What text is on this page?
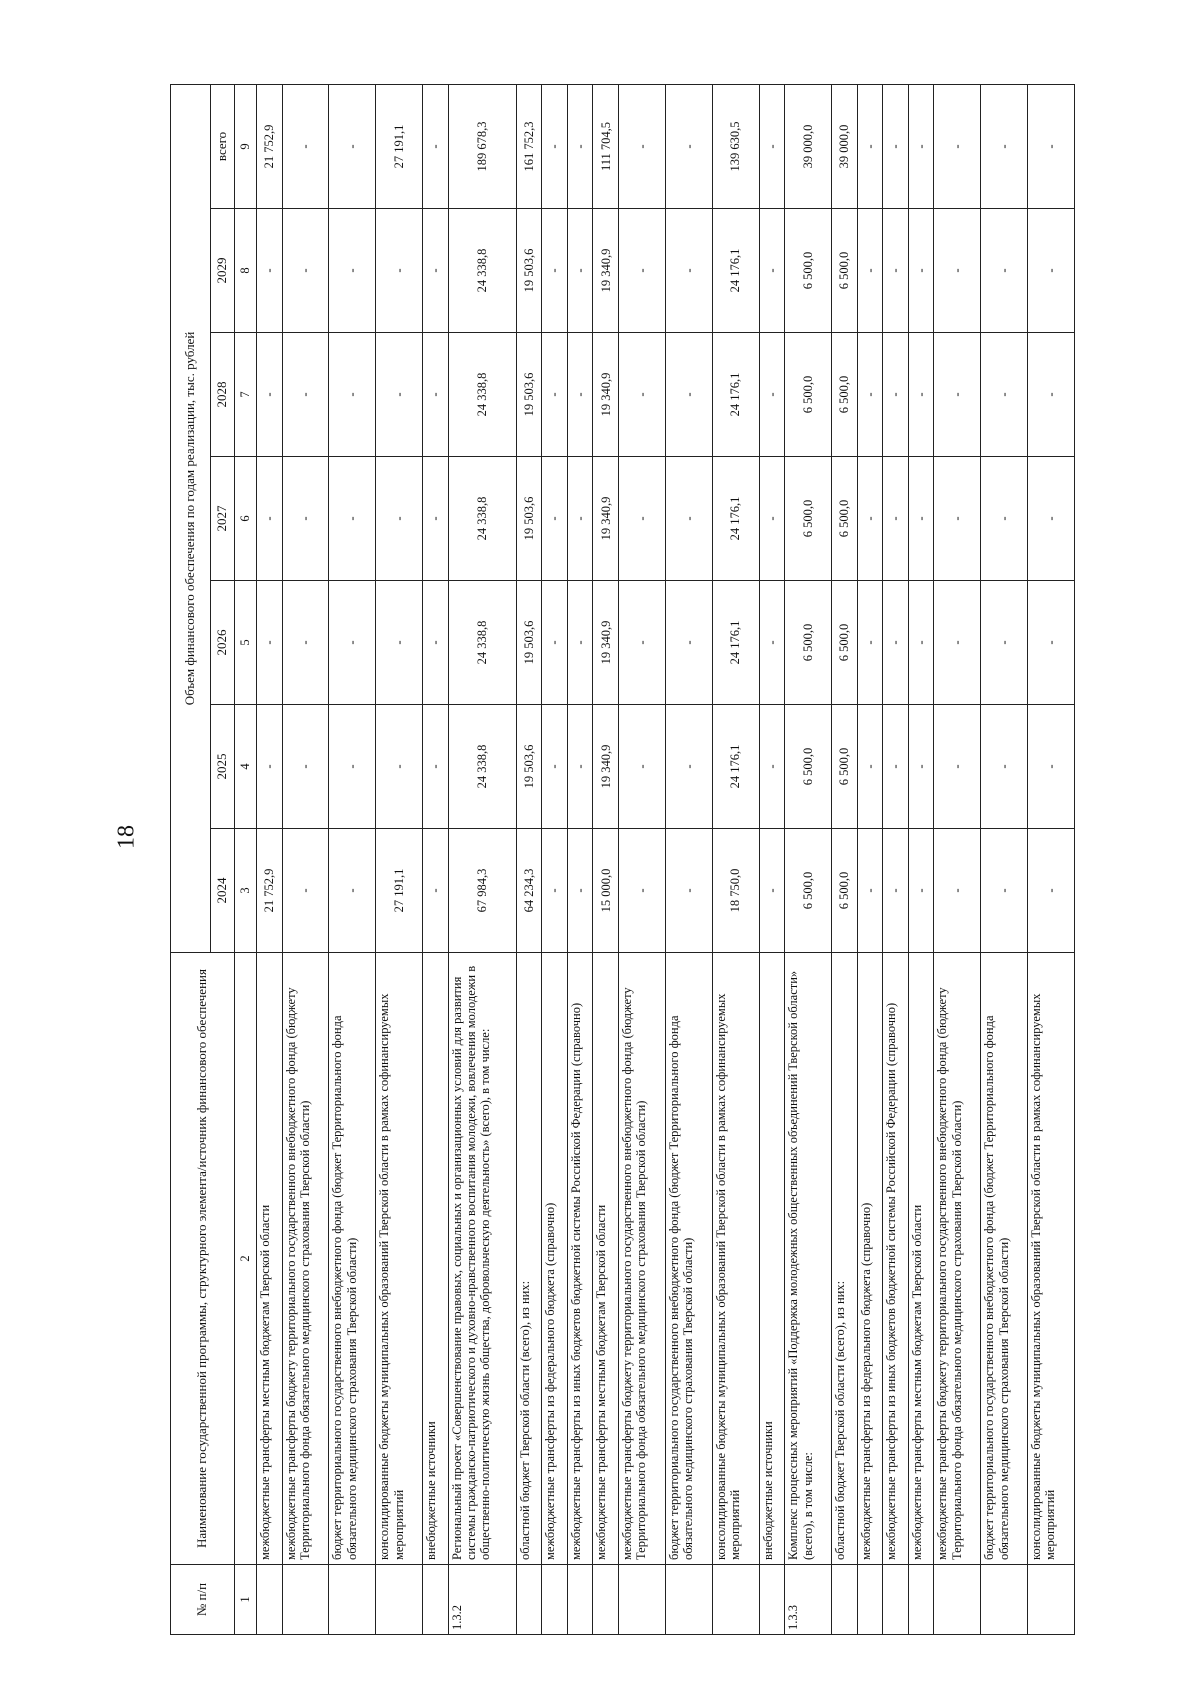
18
№ п/п	Наименование государственной программы, структурного элемента/источник финансового обеспечения	Объем финансового обеспечения по годам реализации, тыс. рублей						
		2024	2025	2026	2027	2028	2029	всего
1	2	3	4	5	6	7	8	9
	межбюджетные трансферты местным бюджетам Тверской области	21 752,9	-	-	-	-	-	21 752,9
	межбюджетные трансферты бюджету территориального государственного внебюджетного фонда (бюджету Территориального фонда обязательного медицинского страхования Тверской области)	-	-	-	-	-	-	-
	бюджет территориального государственного внебюджетного фонда (бюджет Территориального фонда обязательного медицинского страхования Тверской области)	-	-	-	-	-	-	-
	консолидированные бюджеты муниципальных образований Тверской области в рамках софинансируемых мероприятий	27 191,1	-	-	-	-	-	27 191,1
	внебюджетные источники	-	-	-	-	-	-	-
1.3.2	Региональный проект «Совершенствование правовых, социальных и организационных условий для развития системы гражданско-патриотического и духовно-нравственного воспитания молодежи, вовлечения молодежи в общественно-политическую жизнь общества, добровольческую деятельность» (всего), в том числе:	67 984,3	24 338,8	24 338,8	24 338,8	24 338,8	24 338,8	189 678,3
	областной бюджет Тверской области (всего), из них:	64 234,3	19 503,6	19 503,6	19 503,6	19 503,6	19 503,6	161 752,3
	межбюджетные трансферты из федерального бюджета (справочно)	-	-	-	-	-	-	-
	межбюджетные трансферты из иных бюджетов бюджетной системы Российской Федерации (справочно)	-	-	-	-	-	-	-
	межбюджетные трансферты местным бюджетам Тверской области	15 000,0	19 340,9	19 340,9	19 340,9	19 340,9	19 340,9	111 704,5
	межбюджетные трансферты бюджету территориального государственного внебюджетного фонда (бюджету Территориального фонда обязательного медицинского страхования Тверской области)	-	-	-	-	-	-	-
	бюджет территориального государственного внебюджетного фонда (бюджет Территориального фонда обязательного медицинского страхования Тверской области)	-	-	-	-	-	-	-
	консолидированные бюджеты муниципальных образований Тверской области в рамках софинансируемых мероприятий	18 750,0	24 176,1	24 176,1	24 176,1	24 176,1	24 176,1	139 630,5
	внебюджетные источники	-	-	-	-	-	-	-
1.3.3	Комплекс процессных мероприятий «Поддержка молодежных общественных объединений Тверской области» (всего), в том числе:	6 500,0	6 500,0	6 500,0	6 500,0	6 500,0	6 500,0	39 000,0
	областной бюджет Тверской области (всего), из них:	6 500,0	6 500,0	6 500,0	6 500,0	6 500,0	6 500,0	39 000,0
	межбюджетные трансферты из федерального бюджета (справочно)	-	-	-	-	-	-	-
	межбюджетные трансферты из иных бюджетов бюджетной системы Российской Федерации (справочно)	-	-	-	-	-	-	-
	межбюджетные трансферты местным бюджетам Тверской области	-	-	-	-	-	-	-
	межбюджетные трансферты бюджету территориального государственного внебюджетного фонда (бюджету Территориального фонда обязательного медицинского страхования Тверской области)	-	-	-	-	-	-	-
	бюджет территориального государственного внебюджетного фонда (бюджет Территориального фонда обязательного медицинского страхования Тверской области)	-	-	-	-	-	-	-
	консолидированные бюджеты муниципальных образований Тверской области в рамках софинансируемых мероприятий	-	-	-	-	-	-	-
